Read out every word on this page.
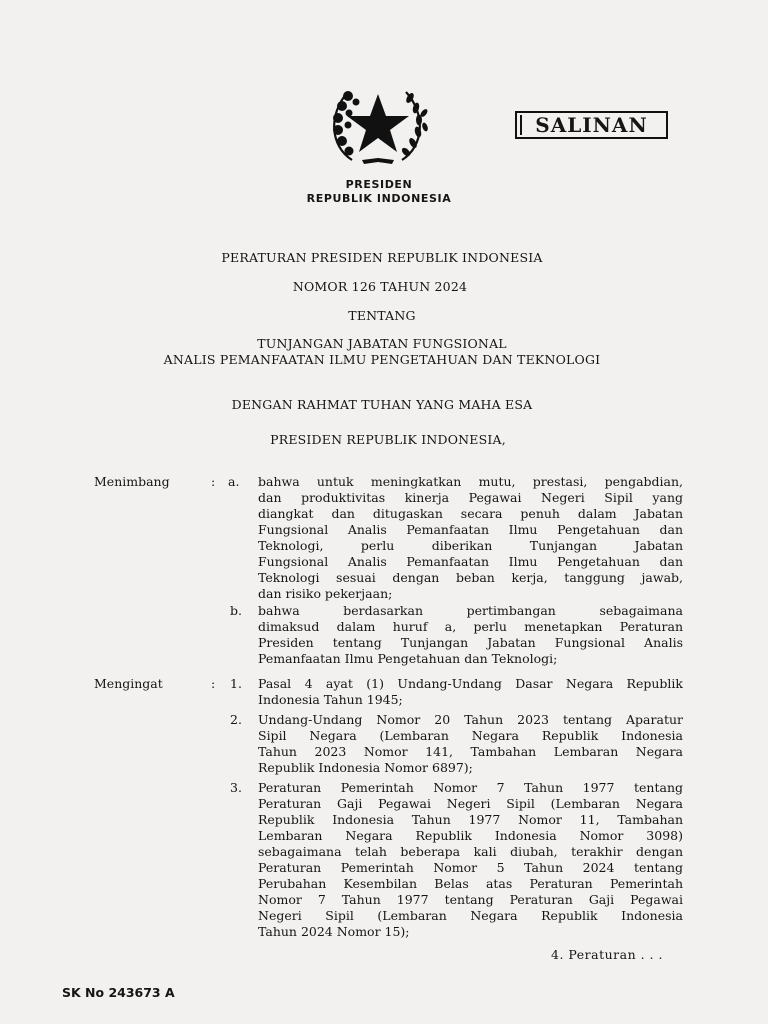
SALINAN
PRESIDEN
REPUBLIK INDONESIA
PERATURAN PRESIDEN REPUBLIK INDONESIA
NOMOR 126 TAHUN 2024
TENTANG
TUNJANGAN JABATAN FUNGSIONAL
ANALIS PEMANFAATAN ILMU PENGETAHUAN DAN TEKNOLOGI
DENGAN RAHMAT TUHAN YANG MAHA ESA
PRESIDEN REPUBLIK INDONESIA,
Menimbang	: a. bahwa untuk meningkatkan mutu, prestasi, pengabdian,
dan produktivitas kinerja Pegawai Negeri Sipil yang
diangkat dan ditugaskan secara penuh dalam Jabatan
Fungsional Analis Pemanfaatan Ilmu Pengetahuan dan
Teknologi, perlu diberikan Tunjangan Jabatan
Fungsional Analis Pemanfaatan Ilmu Pengetahuan dan
Teknologi sesuai dengan beban kerja, tanggung jawab,
dan risiko pekerjaan;
b. bahwa berdasarkan pertimbangan sebagaimana
dimaksud dalam huruf a, perlu menetapkan Peraturan
Presiden tentang Tunjangan Jabatan Fungsional Analis
Pemanfaatan Ilmu Pengetahuan dan Teknologi;
Mengingat	: 1. Pasal 4 ayat (1) Undang-Undang Dasar Negara Republik
Indonesia Tahun 1945;
2. Undang-Undang Nomor 20 Tahun 2023 tentang Aparatur
Sipil Negara (Lembaran Negara Republik Indonesia
Tahun 2023 Nomor 141, Tambahan Lembaran Negara
Republik Indonesia Nomor 6897);
3. Peraturan Pemerintah Nomor 7 Tahun 1977 tentang
Peraturan Gaji Pegawai Negeri Sipil (Lembaran Negara
Republik Indonesia Tahun 1977 Nomor 11, Tambahan
Lembaran Negara Republik Indonesia Nomor 3098)
sebagaimana telah beberapa kali diubah, terakhir dengan
Peraturan Pemerintah Nomor 5 Tahun 2024 tentang
Perubahan Kesembilan Belas atas Peraturan Pemerintah
Nomor 7 Tahun 1977 tentang Peraturan Gaji Pegawai
Negeri Sipil (Lembaran Negara Republik Indonesia
Tahun 2024 Nomor 15);
4. Peraturan . . .
SK No 243673 A
